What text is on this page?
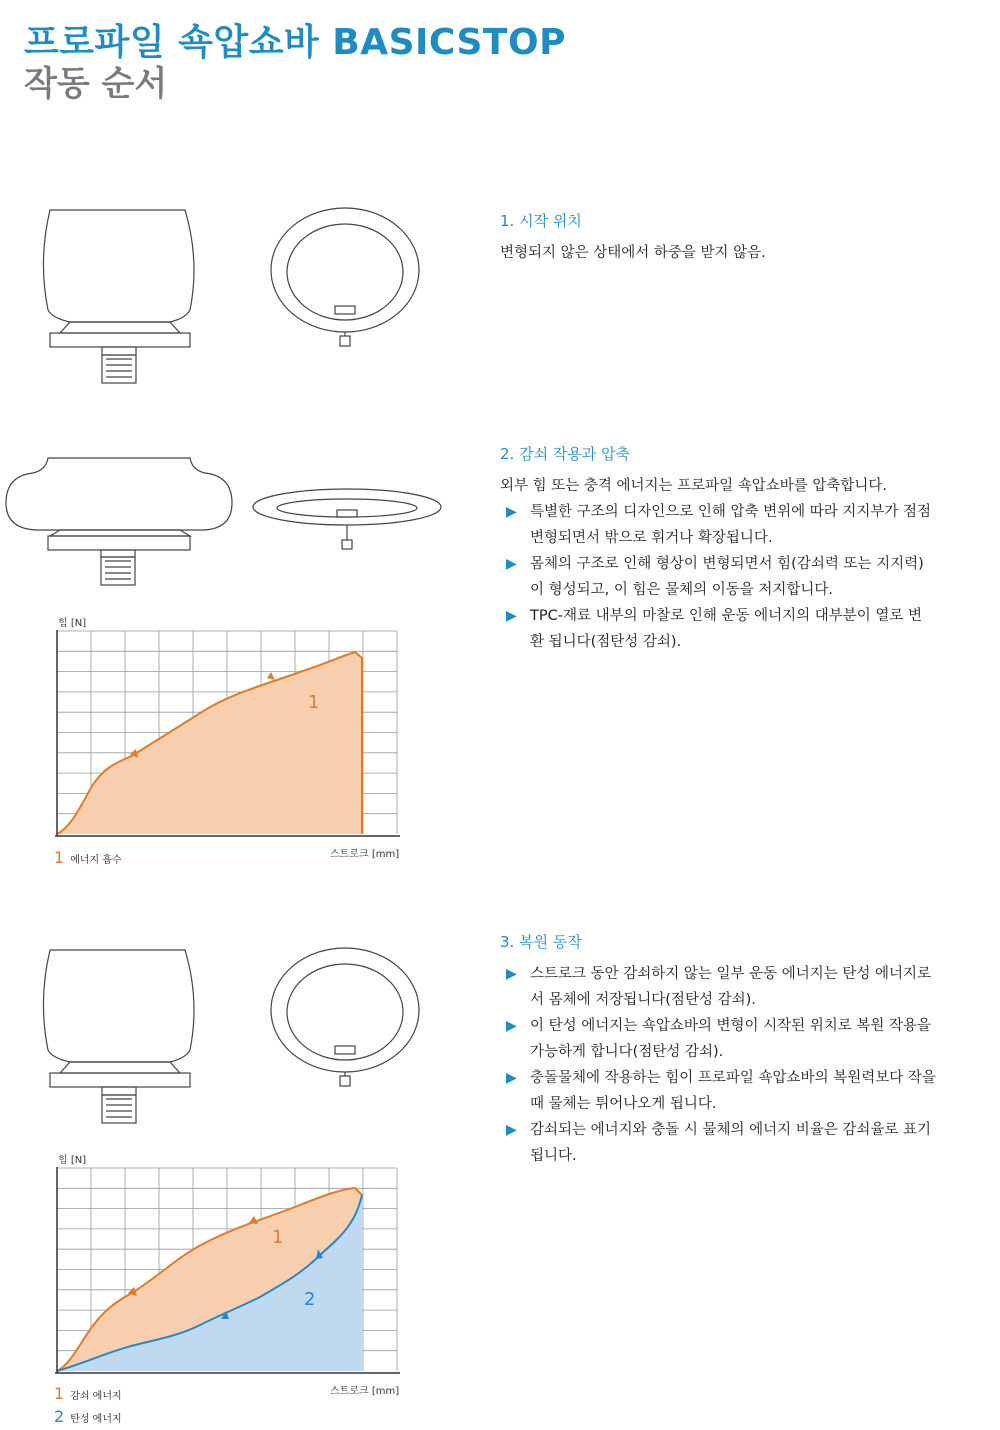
프로파일 쇽압쇼바 BASICSTOP
작동 순서
1. 시작 위치
변형되지 않은 상태에서 하중을 받지 않음.
2. 감쇠 작용과 압축
외부 힘 또는 충격 에너지는 프로파일 쇽압쇼바를 압축합니다.
▶ 특별한 구조의 디자인으로 인해 압축 변위에 따라 지지부가 점점
변형되면서 밖으로 휘거나 확장됩니다.
▶ 몸체의 구조로 인해 형상이 변형되면서 힘(감쇠력 또는 지지력)
이 형성되고, 이 힘은 물체의 이동을 저지합니다.
▶ TPC-재료 내부의 마찰로 인해 운동 에너지의 대부분이 열로 변
환 됩니다(점탄성 감쇠).
힘 [N]
1
스트로크 [mm]
1 에너지 흡수
3. 복원 동작
▶ 스트로크 동안 감쇠하지 않는 일부 운동 에너지는 탄성 에너지로
서 몸체에 저장됩니다(점탄성 감쇠).
▶ 이 탄성 에너지는 쇽압쇼바의 변형이 시작된 위치로 복원 작용을
가능하게 합니다(점탄성 감쇠).
▶ 충돌물체에 작용하는 힘이 프로파일 쇽압쇼바의 복원력보다 작을
때 물체는 튀어나오게 됩니다.
▶ 감쇠되는 에너지와 충돌 시 물체의 에너지 비율은 감쇠율로 표기
됩니다.
힘 [N]
1
2
스트로크 [mm]
1 감쇠 에너지
2 탄성 에너지
